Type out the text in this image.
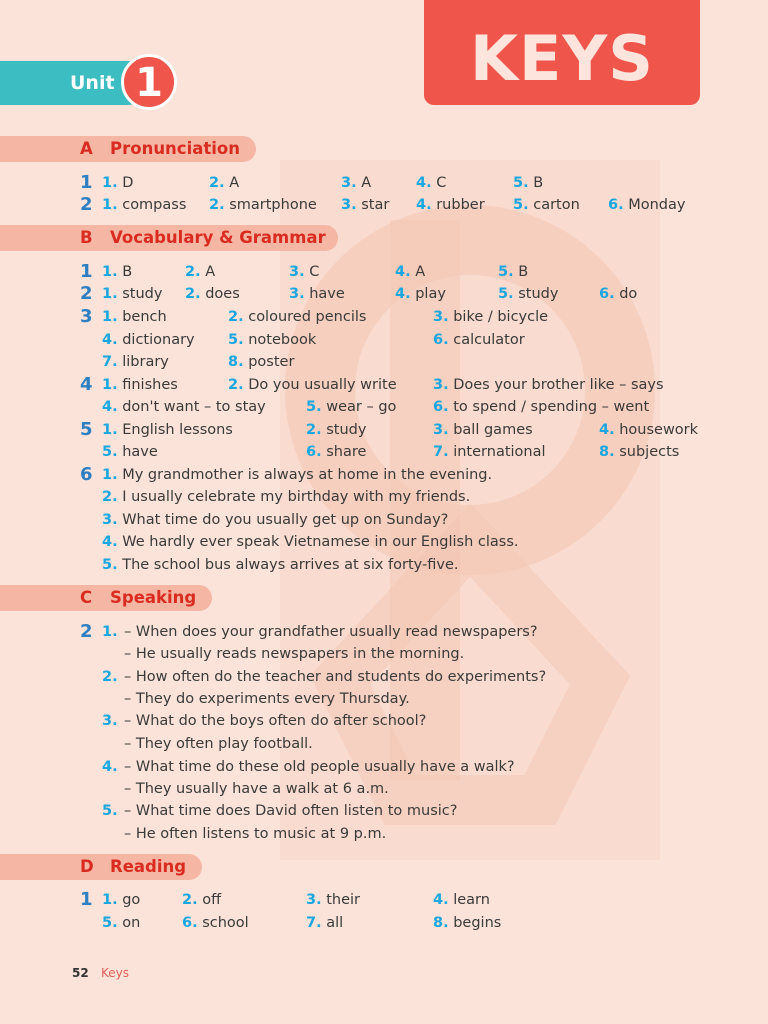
KEYS
Unit 1
A Pronunciation
1 1. D	2. A	3. A	4. C	5. B
2 1. compass 2. smartphone 3. star 4. rubber 5. carton 6. Monday
B Vocabulary & Grammar
1 1. B	2. A	3. C	4. A	5. B
2 1. study 2. does	3. have	4. play	5. study	6. do
3 1. bench	2. coloured pencils	3. bike / bicycle
4. dictionary 5. notebook	6. calculator
7. library	8. poster
4 1. finishes	2. Do you usually write	3. Does your brother like – says
4. don't want – to stay	5. wear – go	6. to spend / spending – went
5 1. English lessons	2. study	3. ball games	4. housework
5. have	6. share	7. international	8. subjects
6 1. My grandmother is always at home in the evening.
2. I usually celebrate my birthday with my friends.
3. What time do you usually get up on Sunday?
4. We hardly ever speak Vietnamese in our English class.
5. The school bus always arrives at six forty-five.
C Speaking
2 1. – When does your grandfather usually read newspapers?
– He usually reads newspapers in the morning.
2. – How often do the teacher and students do experiments?
– They do experiments every Thursday.
3. – What do the boys often do after school?
– They often play football.
4. – What time do these old people usually have a walk?
– They usually have a walk at 6 a.m.
5. – What time does David often listen to music?
– He often listens to music at 9 p.m.
D Reading
1 1. go	2. off	3. their	4. learn
5. on	6. school	7. all	8. begins
52 Keys
